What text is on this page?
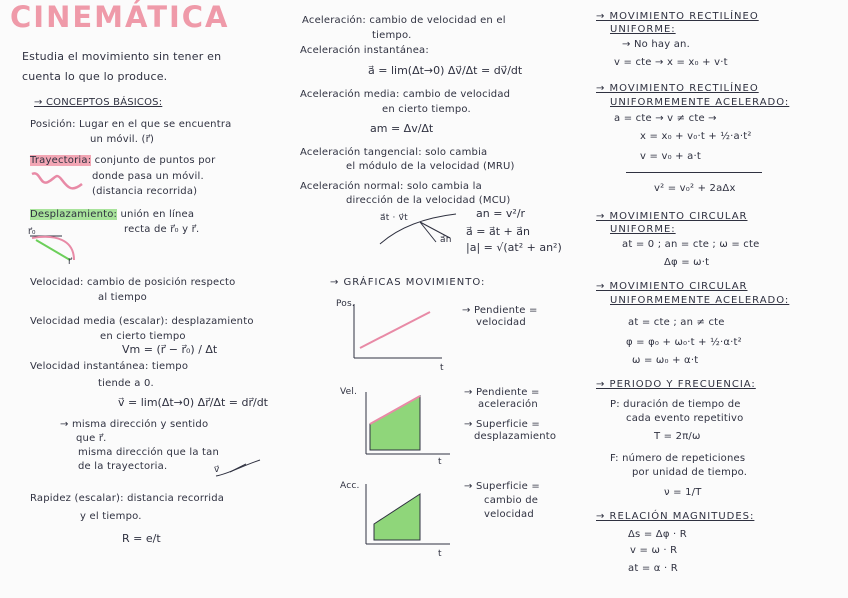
CINEMÁTICA
Estudia el movimiento sin tener en
cuenta lo que lo produce.
→ CONCEPTOS BÁSICOS:
Posición: Lugar en el que se encuentra
un móvil. (r⃗)
Trayectoria: conjunto de puntos por
donde pasa un móvil.
(distancia recorrida)
Desplazamiento: unión en línea
recta de r⃗₀ y r⃗.
r⃗₀
r⃗
Velocidad: cambio de posición respecto
al tiempo
Velocidad media (escalar): desplazamiento
en cierto tiempo
Vm = (r⃗ − r⃗₀) / Δt
Velocidad instantánea: tiempo
tiende a 0.
v⃗ = lim(Δt→0) Δr⃗/Δt = dr⃗/dt
→ misma dirección y sentido
que r⃗.
misma dirección que la tan
de la trayectoria.	v⃗
Rapidez (escalar): distancia recorrida
y el tiempo.
R = e/t
Aceleración: cambio de velocidad en el
tiempo.
Aceleración instantánea:
a⃗ = lim(Δt→0) Δv⃗/Δt = dv⃗/dt
Aceleración media: cambio de velocidad
en cierto tiempo.
am = Δv/Δt
Aceleración tangencial: solo cambia
el módulo de la velocidad (MRU)
Aceleración normal: solo cambia la
dirección de la velocidad (MCU)
a⃗t · v⃗t
a⃗n
an = v²/r
a⃗ = a⃗t + a⃗n
|a| = √(at² + an²)
→ GRÁFICAS MOVIMIENTO:
Pos.
t
→ Pendiente =
velocidad
Vel.
t
→ Pendiente =
aceleración
→ Superficie =
desplazamiento
Acc.
t
→ Superficie =
cambio de
velocidad
→ MOVIMIENTO RECTILÍNEO
UNIFORME:
→ No hay an.
v = cte → x = x₀ + v·t
→ MOVIMIENTO RECTILÍNEO
UNIFORMEMENTE ACELERADO:
a = cte → v ≠ cte →
x = x₀ + v₀·t + ½·a·t²
v = v₀ + a·t
v² = v₀² + 2aΔx
→ MOVIMIENTO CIRCULAR
UNIFORME:
at = 0 ; an = cte ; ω = cte
Δφ = ω·t
→ MOVIMIENTO CIRCULAR
UNIFORMEMENTE ACELERADO:
at = cte ; an ≠ cte
φ = φ₀ + ω₀·t + ½·α·t²
ω = ω₀ + α·t
→ PERIODO Y FRECUENCIA:
P: duración de tiempo de
cada evento repetitivo
T = 2π/ω
F: número de repeticiones
por unidad de tiempo.
ν = 1/T
→ RELACIÓN MAGNITUDES:
Δs = Δφ · R
v = ω · R
at = α · R
